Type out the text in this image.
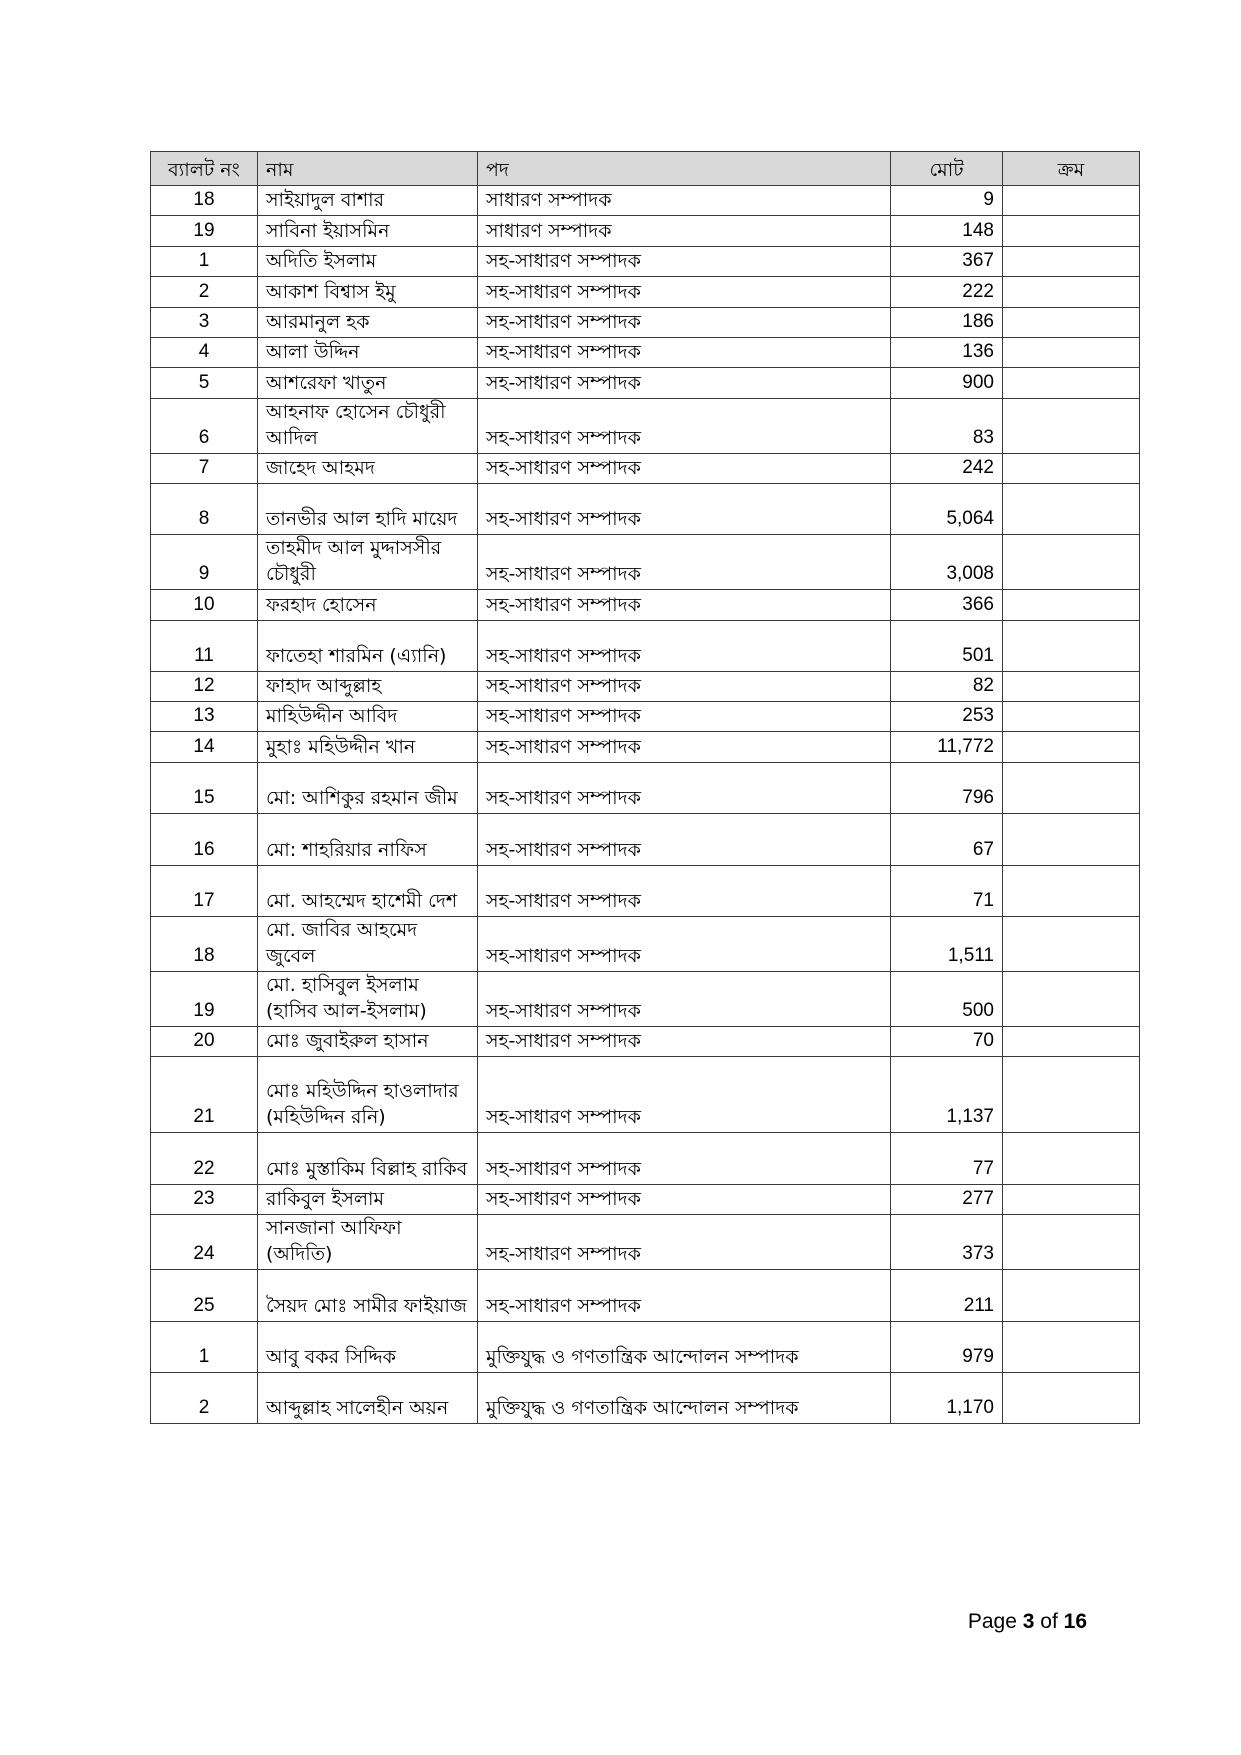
ব্যালট নং	নাম	পদ	মোট	ক্রম
18	সাইয়াদুল বাশার	সাধারণ সম্পাদক	9	
19	সাবিনা ইয়াসমিন	সাধারণ সম্পাদক	148	
1	অদিতি ইসলাম	সহ-সাধারণ সম্পাদক	367	
2	আকাশ বিশ্বাস ইমু	সহ-সাধারণ সম্পাদক	222	
3	আরমানুল হক	সহ-সাধারণ সম্পাদক	186	
4	আলা উদ্দিন	সহ-সাধারণ সম্পাদক	136	
5	আশরেফা খাতুন	সহ-সাধারণ সম্পাদক	900	
6	আহনাফ হোসেন চৌধুরী আদিল	সহ-সাধারণ সম্পাদক	83	
7	জাহেদ আহমদ	সহ-সাধারণ সম্পাদক	242	
8	তানভীর আল হাদি মায়েদ	সহ-সাধারণ সম্পাদক	5,064	
9	তাহমীদ আল মুদ্দাসসীর চৌধুরী	সহ-সাধারণ সম্পাদক	3,008	
10	ফরহাদ হোসেন	সহ-সাধারণ সম্পাদক	366	
11	ফাতেহা শারমিন (এ্যানি)	সহ-সাধারণ সম্পাদক	501	
12	ফাহাদ আব্দুল্লাহ	সহ-সাধারণ সম্পাদক	82	
13	মাহিউদ্দীন আবিদ	সহ-সাধারণ সম্পাদক	253	
14	মুহাঃ মহিউদ্দীন খান	সহ-সাধারণ সম্পাদক	11,772	
15	মো: আশিকুর রহমান জীম	সহ-সাধারণ সম্পাদক	796	
16	মো: শাহরিয়ার নাফিস	সহ-সাধারণ সম্পাদক	67	
17	মো. আহম্মেদ হাশেমী দেশ	সহ-সাধারণ সম্পাদক	71	
18	মো. জাবির আহমেদ জুবেল	সহ-সাধারণ সম্পাদক	1,511	
19	মো. হাসিবুল ইসলাম (হাসিব আল-ইসলাম)	সহ-সাধারণ সম্পাদক	500	
20	মোঃ জুবাইরুল হাসান	সহ-সাধারণ সম্পাদক	70	
21	মোঃ মহিউদ্দিন হাওলাদার (মহিউদ্দিন রনি)	সহ-সাধারণ সম্পাদক	1,137	
22	মোঃ মুস্তাকিম বিল্লাহ রাকিব	সহ-সাধারণ সম্পাদক	77	
23	রাকিবুল ইসলাম	সহ-সাধারণ সম্পাদক	277	
24	সানজানা আফিফা (অদিতি)	সহ-সাধারণ সম্পাদক	373	
25	সৈয়দ মোঃ সামীর ফাইয়াজ	সহ-সাধারণ সম্পাদক	211	
1	আবু বকর সিদ্দিক	মুক্তিযুদ্ধ ও গণতান্ত্রিক আন্দোলন সম্পাদক	979	
2	আব্দুল্লাহ সালেহীন অয়ন	মুক্তিযুদ্ধ ও গণতান্ত্রিক আন্দোলন সম্পাদক	1,170	
Page 3 of 16
